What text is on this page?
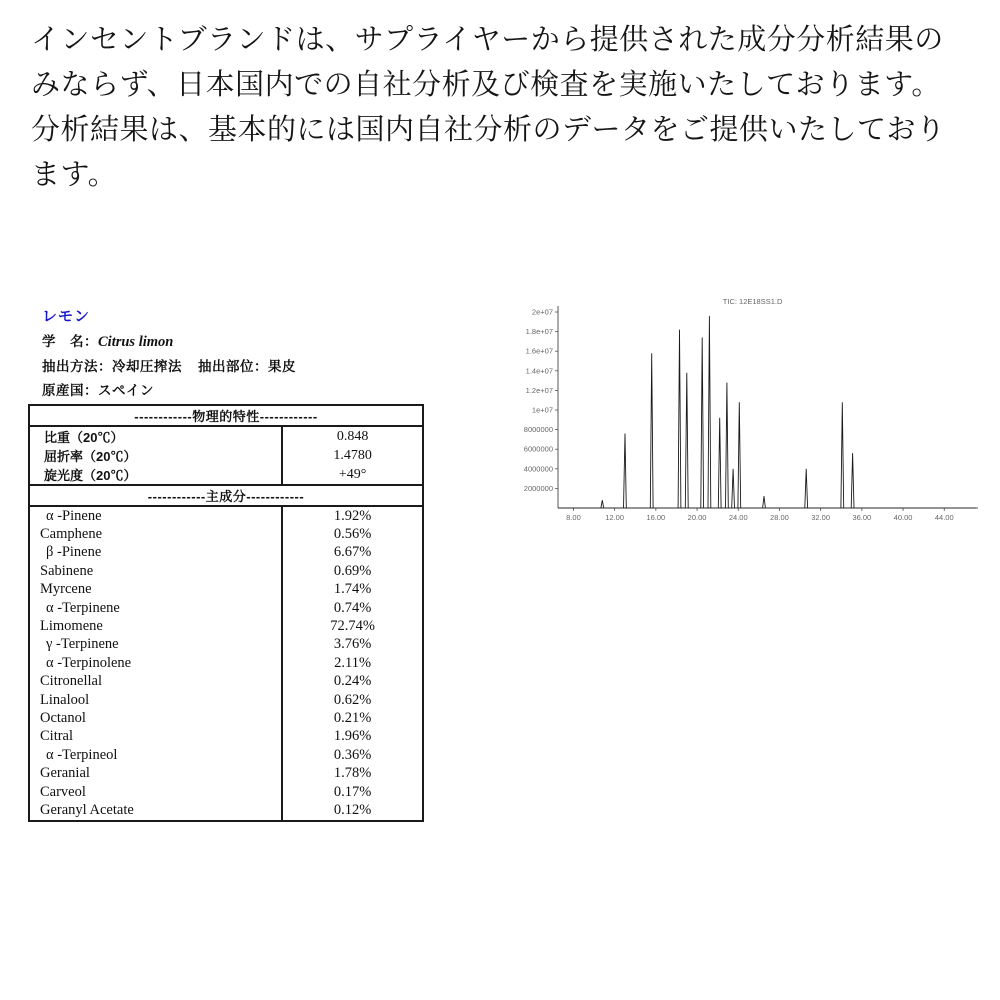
インセントブランドは、サプライヤーから提供された成分分析結果の
みならず、日本国内での自社分析及び検査を実施いたしております。
分析結果は、基本的には国内自社分析のデータをご提供いたしており
ます。
レモン
学　名：Citrus limon
抽出方法：冷却圧搾法 抽出部位：果皮
原産国：スペイン
------------物理的特性------------	
比重（20℃）	0.848
屈折率（20℃）	1.4780
旋光度（20℃）	+49°
------------主成分------------	
α -Pinene	1.92%
Camphene	0.56%
β -Pinene	6.67%
Sabinene	0.69%
Myrcene	1.74%
α -Terpinene	0.74%
Limomene	72.74%
γ -Terpinene	3.76%
α -Terpinolene	2.11%
Citronellal	0.24%
Linalool	0.62%
Octanol	0.21%
Citral	1.96%
α -Terpineol	0.36%
Geranial	1.78%
Carveol	0.17%
Geranyl Acetate	0.12%
TIC: 12E18SS1.D
2e+07
1.8e+07
1.6e+07
1.4e+07
1.2e+07
1e+07
8000000
6000000
4000000
2000000
8.00	12.00	16.00	20.00	24.00	28.00	32.00	36.00	40.00	44.00
